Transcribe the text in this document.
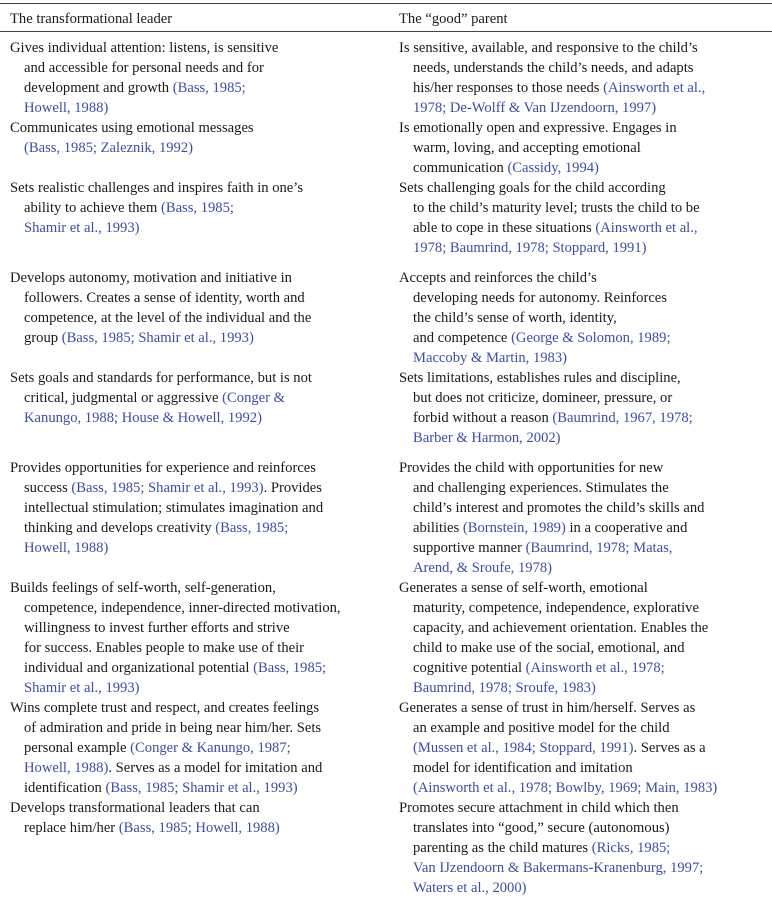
The transformational leader	The “good” parent
Gives individual attention: listens, is sensitive
and accessible for personal needs and for
development and growth (Bass, 1985;
Howell, 1988)
Is sensitive, available, and responsive to the child’s
needs, understands the child’s needs, and adapts
his/her responses to those needs (Ainsworth et al.,
1978; De-Wolff & Van IJzendoorn, 1997)
Communicates using emotional messages
(Bass, 1985; Zaleznik, 1992)
Is emotionally open and expressive. Engages in
warm, loving, and accepting emotional
communication (Cassidy, 1994)
Sets realistic challenges and inspires faith in one’s
ability to achieve them (Bass, 1985;
Shamir et al., 1993)
Sets challenging goals for the child according
to the child’s maturity level; trusts the child to be
able to cope in these situations (Ainsworth et al.,
1978; Baumrind, 1978; Stoppard, 1991)
Develops autonomy, motivation and initiative in
followers. Creates a sense of identity, worth and
competence, at the level of the individual and the
group (Bass, 1985; Shamir et al., 1993)
Accepts and reinforces the child’s
developing needs for autonomy. Reinforces
the child’s sense of worth, identity,
and competence (George & Solomon, 1989;
Maccoby & Martin, 1983)
Sets goals and standards for performance, but is not
critical, judgmental or aggressive (Conger &
Kanungo, 1988; House & Howell, 1992)
Sets limitations, establishes rules and discipline,
but does not criticize, domineer, pressure, or
forbid without a reason (Baumrind, 1967, 1978;
Barber & Harmon, 2002)
Provides opportunities for experience and reinforces
success (Bass, 1985; Shamir et al., 1993). Provides
intellectual stimulation; stimulates imagination and
thinking and develops creativity (Bass, 1985;
Howell, 1988)
Provides the child with opportunities for new
and challenging experiences. Stimulates the
child’s interest and promotes the child’s skills and
abilities (Bornstein, 1989) in a cooperative and
supportive manner (Baumrind, 1978; Matas,
Arend, & Sroufe, 1978)
Builds feelings of self-worth, self-generation,
competence, independence, inner-directed motivation,
willingness to invest further efforts and strive
for success. Enables people to make use of their
individual and organizational potential (Bass, 1985;
Shamir et al., 1993)
Generates a sense of self-worth, emotional
maturity, competence, independence, explorative
capacity, and achievement orientation. Enables the
child to make use of the social, emotional, and
cognitive potential (Ainsworth et al., 1978;
Baumrind, 1978; Sroufe, 1983)
Wins complete trust and respect, and creates feelings
of admiration and pride in being near him/her. Sets
personal example (Conger & Kanungo, 1987;
Howell, 1988). Serves as a model for imitation and
identification (Bass, 1985; Shamir et al., 1993)
Generates a sense of trust in him/herself. Serves as
an example and positive model for the child
(Mussen et al., 1984; Stoppard, 1991). Serves as a
model for identification and imitation
(Ainsworth et al., 1978; Bowlby, 1969; Main, 1983)
Develops transformational leaders that can
replace him/her (Bass, 1985; Howell, 1988)
Promotes secure attachment in child which then
translates into “good,” secure (autonomous)
parenting as the child matures (Ricks, 1985;
Van IJzendoorn & Bakermans-Kranenburg, 1997;
Waters et al., 2000)
